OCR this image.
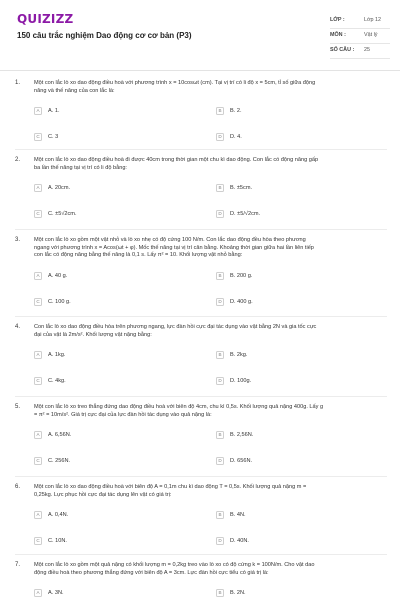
QUIZIZZ
150 câu trắc nghiệm Dao động cơ cơ bản (P3)
LỚP :	Lớp 12
MÔN :	Vật lý
SỐ CÂU : 25
1. Một con lắc lò xo dao động điều hoà với phương trình x = 10cosωt (cm). Tại vị trí có li độ x = 5cm, tỉ số giữa động
năng và thế năng của con lắc là:
A	A. 1.	B	B. 2.
C	C. 3	D	D. 4.
2. Một con lắc lò xo dao động điều hoà đi được 40cm trong thời gian một chu kì dao động. Con lắc có động năng gấp
ba lần thế năng tại vị trí có li độ bằng:
A	A. 20cm.	B	B. ±5cm.
C	C. ±5√2cm.	D	D. ±5/√2cm.
3. Một con lắc lò xo gồm một vật nhỏ và lò xo nhẹ có độ cứng 100 N/m. Con lắc dao động đều hòa theo phương
ngang với phương trình x = Acos(ωt + φ). Mốc thế năng tại vị trí cân bằng. Khoảng thời gian giữa hai lần liên tiếp
con lắc có động năng bằng thế năng là 0,1 s. Lấy π² = 10. Khối lượng vật nhỏ bằng:
A	A. 40 g.	B	B. 200 g.
C	C. 100 g.	D	D. 400 g.
4. Con lắc lò xo dao động điều hòa trên phương ngang, lực đàn hồi cực đại tác dụng vào vật bằng 2N và gia tốc cực
đại của vật là 2m/s². Khối lượng vật nặng bằng:
A	A. 1kg.	B	B. 2kg.
C	C. 4kg.	D	D. 100g.
5. Một con lắc lò xo treo thẳng đứng dao động điều hoà với biên độ 4cm, chu kì 0,5s. Khối lượng quả nặng 400g. Lấy g
= π² = 10m/s². Giá trị cực đại của lực đàn hồi tác dụng vào quả nặng là:
A	A. 6,56N.	B	B. 2,56N.
C	C. 256N.	D	D. 656N.
6. Một con lắc lò xo dao động điều hoà với biên độ A = 0,1m chu kì dao động T = 0,5s. Khối lượng quả nặng m =
0,25kg. Lực phục hồi cực đại tác dụng lên vật có giá trị:
A	A. 0,4N.	B	B. 4N.
C	C. 10N.	D	D. 40N.
7. Một con lắc lò xo gồm một quả nặng có khối lượng m = 0,2kg treo vào lò xo có độ cứng k = 100N/m. Cho vật dao
động điều hoà theo phương thẳng đứng với biên độ A = 3cm. Lực đàn hồi cực tiểu có giá trị là:
A	A. 3N.	B	B. 2N.
